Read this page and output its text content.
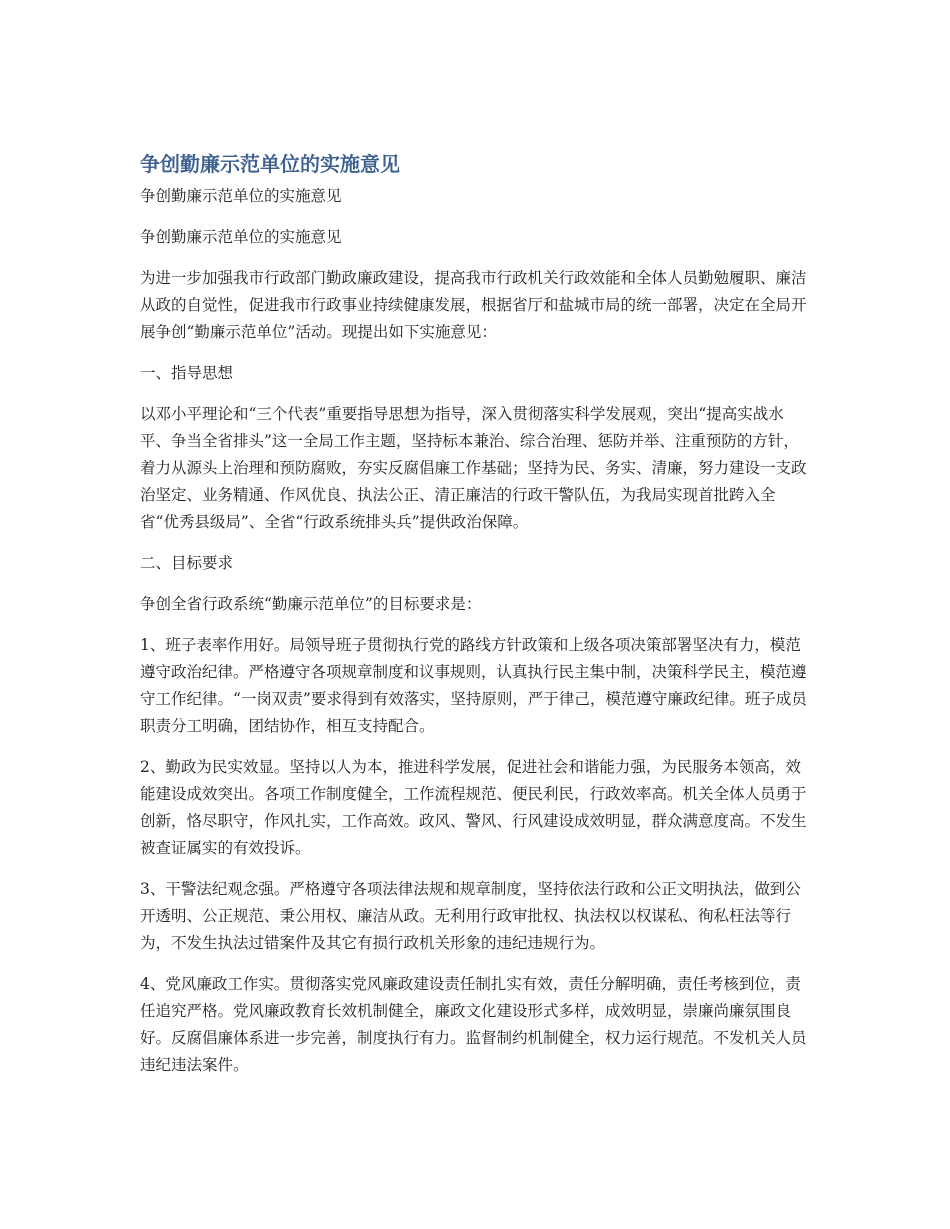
争创勤廉示范单位的实施意见

争创勤廉示范单位的实施意见

争创勤廉示范单位的实施意见

为进一步加强我市行政部门勤政廉政建设，提高我市行政机关行政效能和全体人员勤勉履职、廉洁从政的自觉性，促进我市行政事业持续健康发展，根据省厅和盐城市局的统一部署，决定在全局开展争创“勤廉示范单位”活动。现提出如下实施意见：

一、指导思想

以邓小平理论和“三个代表”重要指导思想为指导，深入贯彻落实科学发展观，突出“提高实战水平、争当全省排头”这一全局工作主题，坚持标本兼治、综合治理、惩防并举、注重预防的方针，着力从源头上治理和预防腐败，夯实反腐倡廉工作基础；坚持为民、务实、清廉，努力建设一支政治坚定、业务精通、作风优良、执法公正、清正廉洁的行政干警队伍，为我局实现首批跨入全省“优秀县级局”、全省“行政系统排头兵”提供政治保障。

二、目标要求

争创全省行政系统“勤廉示范单位”的目标要求是：

1、班子表率作用好。局领导班子贯彻执行党的路线方针政策和上级各项决策部署坚决有力，模范遵守政治纪律。严格遵守各项规章制度和议事规则，认真执行民主集中制，决策科学民主，模范遵守工作纪律。“一岗双责”要求得到有效落实，坚持原则，严于律己，模范遵守廉政纪律。班子成员职责分工明确，团结协作，相互支持配合。

2、勤政为民实效显。坚持以人为本，推进科学发展，促进社会和谐能力强，为民服务本领高，效能建设成效突出。各项工作制度健全，工作流程规范、便民利民，行政效率高。机关全体人员勇于创新，恪尽职守，作风扎实，工作高效。政风、警风、行风建设成效明显，群众满意度高。不发生被查证属实的有效投诉。

3、干警法纪观念强。严格遵守各项法律法规和规章制度，坚持依法行政和公正文明执法，做到公开透明、公正规范、秉公用权、廉洁从政。无利用行政审批权、执法权以权谋私、徇私枉法等行为，不发生执法过错案件及其它有损行政机关形象的违纪违规行为。

4、党风廉政工作实。贯彻落实党风廉政建设责任制扎实有效，责任分解明确，责任考核到位，责任追究严格。党风廉政教育长效机制健全，廉政文化建设形式多样，成效明显，崇廉尚廉氛围良好。反腐倡廉体系进一步完善，制度执行有力。监督制约机制健全，权力运行规范。不发机关人员违纪违法案件。
